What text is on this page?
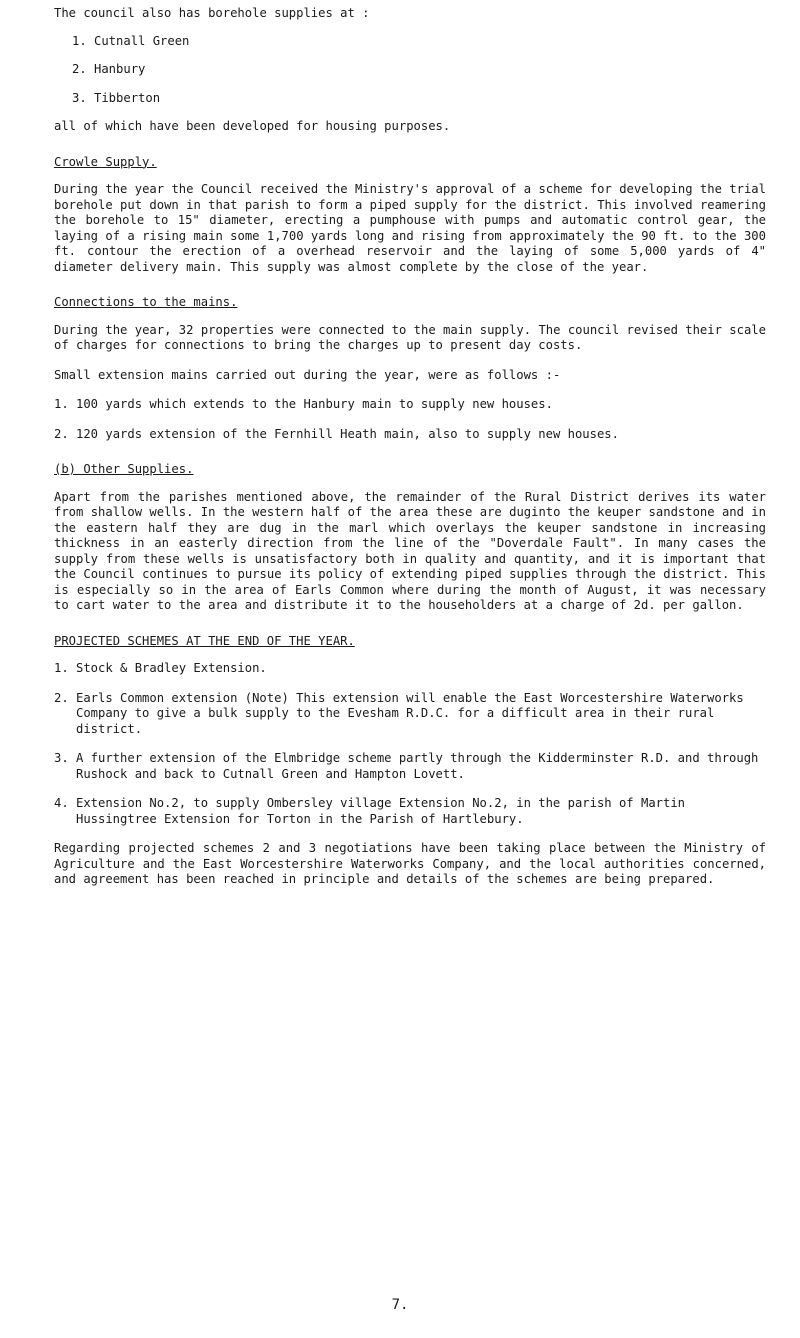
The council also has borehole supplies at :

1. Cutnall Green

2. Hanbury

3. Tibberton

all of which have been developed for housing purposes.

Crowle Supply.

During the year the Council received the Ministry's approval of a scheme for developing the trial borehole put down in that parish to form a piped supply for the district. This involved reamering the borehole to 15" diameter, erecting a pumphouse with pumps and automatic control gear, the laying of a rising main some 1,700 yards long and rising from approximately the 90 ft. to the 300 ft. contour the erection of a overhead reservoir and the laying of some 5,000 yards of 4" diameter delivery main. This supply was almost complete by the close of the year.

Connections to the mains.

During the year, 32 properties were connected to the main supply. The council revised their scale of charges for connections to bring the charges up to present day costs.

Small extension mains carried out during the year, were as follows :-

1. 100 yards which extends to the Hanbury main to supply new houses.

2. 120 yards extension of the Fernhill Heath main, also to supply new houses.

(b) Other Supplies.

Apart from the parishes mentioned above, the remainder of the Rural District derives its water from shallow wells. In the western half of the area these are duginto the keuper sandstone and in the eastern half they are dug in the marl which overlays the keuper sandstone in increasing thickness in an easterly direction from the line of the "Doverdale Fault". In many cases the supply from these wells is unsatisfactory both in quality and quantity, and it is important that the Council continues to pursue its policy of extending piped supplies through the district. This is especially so in the area of Earls Common where during the month of August, it was necessary to cart water to the area and distribute it to the householders at a charge of 2d. per gallon.

PROJECTED SCHEMES AT THE END OF THE YEAR.

1. Stock & Bradley Extension.
2. Earls Common extension (Note) This extension will enable the East Worcestershire Waterworks Company to give a bulk supply to the Evesham R.D.C. for a difficult area in their rural district.
3. A further extension of the Elmbridge scheme partly through the Kidderminster R.D. and through Rushock and back to Cutnall Green and Hampton Lovett.
4. Extension No.2, to supply Ombersley village Extension No.2, in the parish of Martin Hussingtree Extension for Torton in the Parish of Hartlebury.

Regarding projected schemes 2 and 3 negotiations have been taking place between the Ministry of Agriculture and the East Worcestershire Waterworks Company, and the local authorities concerned, and agreement has been reached in principle and details of the schemes are being prepared.

7.
